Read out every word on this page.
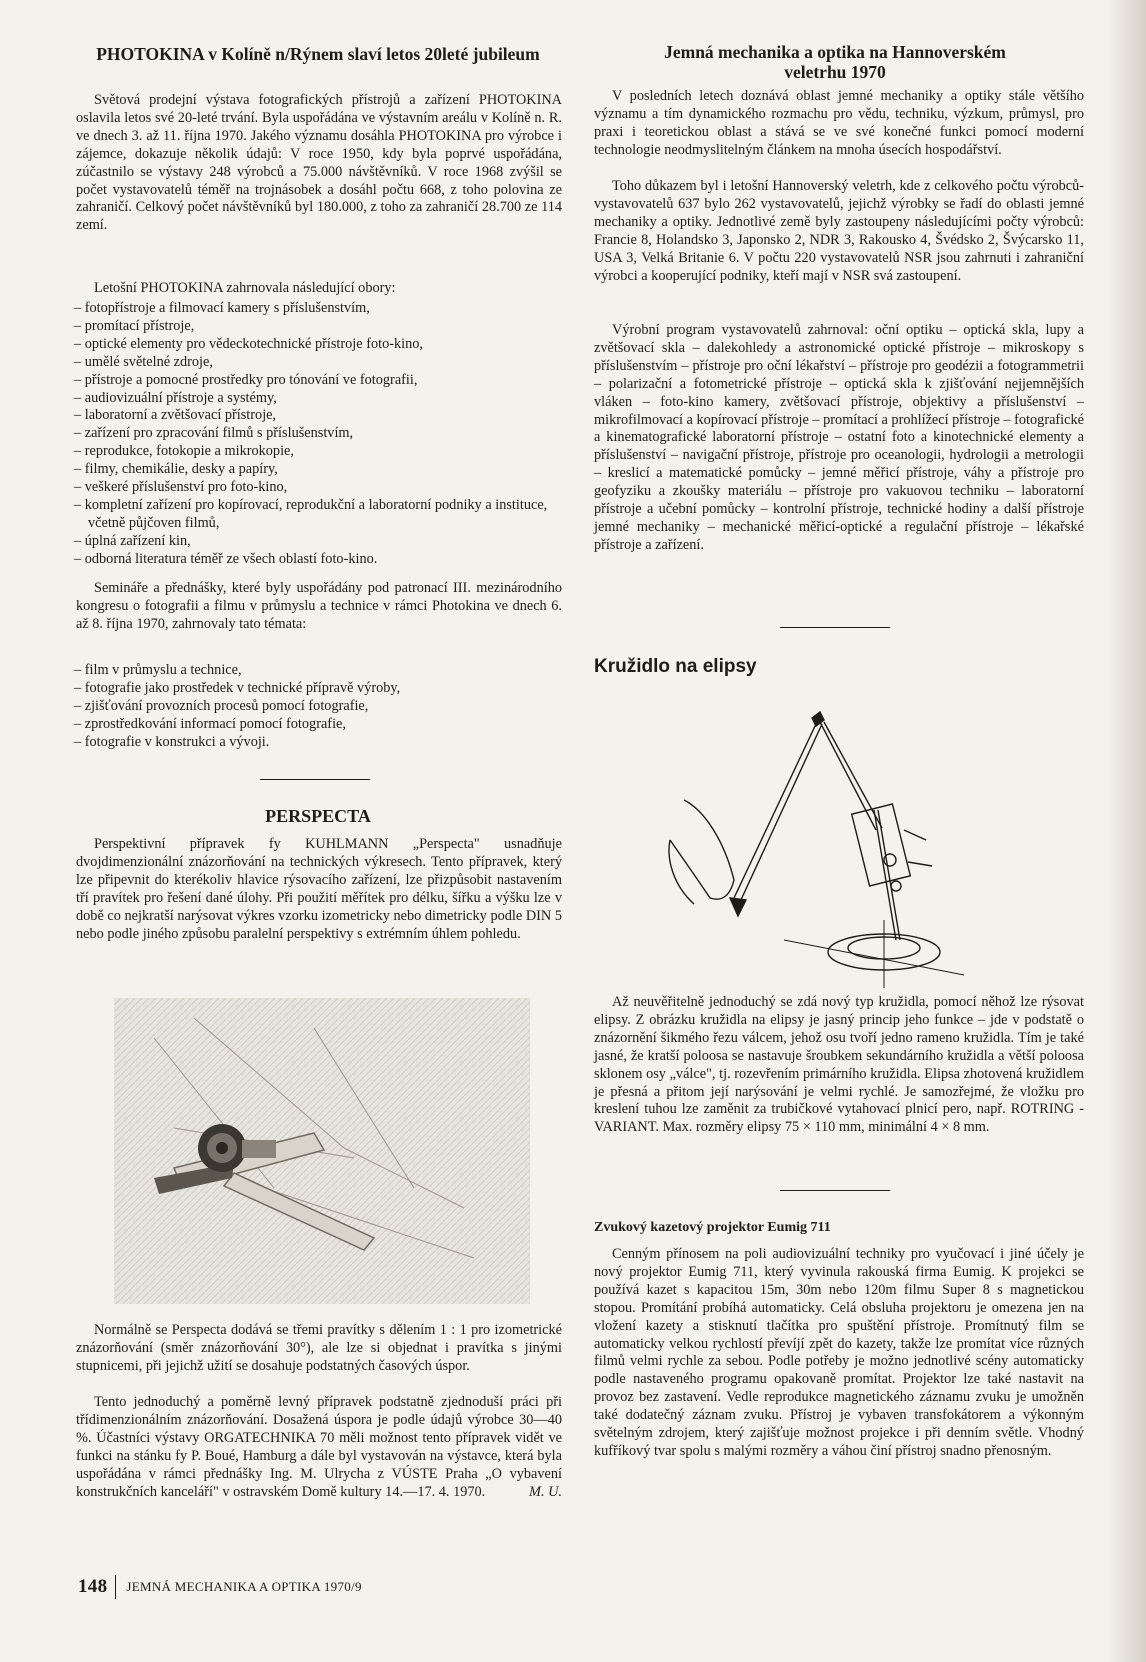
PHOTOKINA v Kolíně n/Rýnem slaví letos 20leté jubileum

Světová prodejní výstava fotografických přístrojů a zařízení PHOTOKINA oslavila letos své 20-leté trvání. Byla uspořádána ve výstavním areálu v Kolíně n. R. ve dnech 3. až 11. října 1970. Jakého významu dosáhla PHOTOKINA pro výrobce i zájemce, dokazuje několik údajů: V roce 1950, kdy byla poprvé uspořádána, zúčastnilo se výstavy 248 výrobců a 75.000 návštěvníků. V roce 1968 zvýšil se počet vystavovatelů téměř na trojnásobek a dosáhl počtu 668, z toho polovina ze zahraničí. Celkový počet návštěvníků byl 180.000, z toho za zahraničí 28.700 ze 114 zemí.

Letošní PHOTOKINA zahrnovala následující obory:

– fotopřístroje a filmovací kamery s příslušenstvím,
– promítací přístroje,
– optické elementy pro vědeckotechnické přístroje foto-kino,
– umělé světelné zdroje,
– přístroje a pomocné prostředky pro tónování ve fotografii,
– audiovizuální přístroje a systémy,
– laboratorní a zvětšovací přístroje,
– zařízení pro zpracování filmů s příslušenstvím,
– reprodukce, fotokopie a mikrokopie,
– filmy, chemikálie, desky a papíry,
– veškeré příslušenství pro foto-kino,
– kompletní zařízení pro kopírovací, reprodukční a laboratorní podniky a instituce, včetně půjčoven filmů,
– úplná zařízení kin,
– odborná literatura téměř ze všech oblastí foto-kino.

Semináře a přednášky, které byly uspořádány pod patronací III. mezinárodního kongresu o fotografii a filmu v průmyslu a technice v rámci Photokina ve dnech 6. až 8. října 1970, zahrnovaly tato témata:

– film v průmyslu a technice,
– fotografie jako prostředek v technické přípravě výroby,
– zjišťování provozních procesů pomocí fotografie,
– zprostředkování informací pomocí fotografie,
– fotografie v konstrukci a vývoji.
PERSPECTA

Perspektivní přípravek fy KUHLMANN „Perspecta" usnadňuje dvojdimenzionální znázorňování na technických výkresech. Tento přípravek, který lze připevnit do kterékoliv hlavice rýsovacího zařízení, lze přizpůsobit nastavením tří pravítek pro řešení dané úlohy. Při použití měřítek pro délku, šířku a výšku lze v době co nejkratší narýsovat výkres vzorku izometricky nebo dimetricky podle DIN 5 nebo podle jiného způsobu paralelní perspektivy s extrémním úhlem pohledu.

Normálně se Perspecta dodává se třemi pravítky s dělením 1 : 1 pro izometrické znázorňování (směr znázorňování 30°), ale lze si objednat i pravítka s jinými stupnicemi, při jejichž užití se dosahuje podstatných časových úspor.

Tento jednoduchý a poměrně levný přípravek podstatně zjednoduší práci při třídimenzionálním znázorňování. Dosažená úspora je podle údajů výrobce 30—40 %. Účastníci výstavy ORGATECHNIKA 70 měli možnost tento přípravek vidět ve funkci na stánku fy P. Boué, Hamburg a dále byl vystavován na výstavce, která byla uspořádána v rámci přednášky Ing. M. Ulrycha z VÚSTE Praha „O vybavení konstrukčních kanceláří" v ostravském Domě kultury 14.—17. 4. 1970.	M. U.

Jemná mechanika a optika na Hannoverském veletrhu 1970

V posledních letech doznává oblast jemné mechaniky a optiky stále většího významu a tím dynamického rozmachu pro vědu, techniku, výzkum, průmysl, pro praxi i teoretickou oblast a stává se ve své konečné funkci pomocí moderní technologie neodmyslitelným článkem na mnoha úsecích hospodářství.

Toho důkazem byl i letošní Hannoverský veletrh, kde z celkového počtu výrobců-vystavovatelů 637 bylo 262 vystavovatelů, jejichž výrobky se řadí do oblasti jemné mechaniky a optiky. Jednotlivé země byly zastoupeny následujícími počty výrobců: Francie 8, Holandsko 3, Japonsko 2, NDR 3, Rakousko 4, Švédsko 2, Švýcarsko 11, USA 3, Velká Britanie 6. V počtu 220 vystavovatelů NSR jsou zahrnuti i zahraniční výrobci a kooperující podniky, kteří mají v NSR svá zastoupení.

Výrobní program vystavovatelů zahrnoval: oční optiku – optická skla, lupy a zvětšovací skla – dalekohledy a astronomické optické přístroje – mikroskopy s příslušenstvím – přístroje pro oční lékařství – přístroje pro geodézii a fotogrammetrii – polarizační a fotometrické přístroje – optická skla k zjišťování nejjemnějších vláken – foto-kino kamery, zvětšovací přístroje, objektivy a příslušenství – mikrofilmovací a kopírovací přístroje – promítací a prohlížecí přístroje – fotografické a kinematografické laboratorní přístroje – ostatní foto a kinotechnické elementy a příslušenství – navigační přístroje, přístroje pro oceanologii, hydrologii a metrologii – kreslicí a matematické pomůcky – jemné měřicí přístroje, váhy a přístroje pro geofyziku a zkoušky materiálu – přístroje pro vakuovou techniku – laboratorní přístroje a učební pomůcky – kontrolní přístroje, technické hodiny a další přístroje jemné mechaniky – mechanické měřicí-optické a regulační přístroje – lékařské přístroje a zařízení.

Kružidlo na elipsy

Až neuvěřitelně jednoduchý se zdá nový typ kružidla, pomocí něhož lze rýsovat elipsy. Z obrázku kružidla na elipsy je jasný princip jeho funkce – jde v podstatě o znázornění šikmého řezu válcem, jehož osu tvoří jedno rameno kružidla. Tím je také jasné, že kratší poloosa se nastavuje šroubkem sekundárního kružidla a větší poloosa sklonem osy „válce", tj. rozevřením primárního kružidla. Elipsa zhotovená kružidlem je přesná a přitom její narýsování je velmi rychlé. Je samozřejmé, že vložku pro kreslení tuhou lze zaměnit za trubičkové vytahovací plnicí pero, např. ROTRING - VARIANT. Max. rozměry elipsy 75 × 110 mm, minimální 4 × 8 mm.

Zvukový kazetový projektor Eumig 711

Cenným přínosem na poli audiovizuální techniky pro vyučovací i jiné účely je nový projektor Eumig 711, který vyvinula rakouská firma Eumig. K projekci se používá kazet s kapacitou 15m, 30m nebo 120m filmu Super 8 s magnetickou stopou. Promítání probíhá automaticky. Celá obsluha projektoru je omezena jen na vložení kazety a stisknutí tlačítka pro spuštění přístroje. Promítnutý film se automaticky velkou rychlostí převíjí zpět do kazety, takže lze promítat více různých filmů velmi rychle za sebou. Podle potřeby je možno jednotlivé scény automaticky podle nastaveného programu opakovaně promítat. Projektor lze také nastavit na provoz bez zastavení. Vedle reprodukce magnetického záznamu zvuku je umožněn také dodatečný záznam zvuku. Přístroj je vybaven transfokátorem a výkonným světelným zdrojem, který zajišťuje možnost projekce i při denním světle. Vhodný kufříkový tvar spolu s malými rozměry a váhou činí přístroj snadno přenosným.

148 JEMNÁ MECHANIKA A OPTIKA 1970/9
